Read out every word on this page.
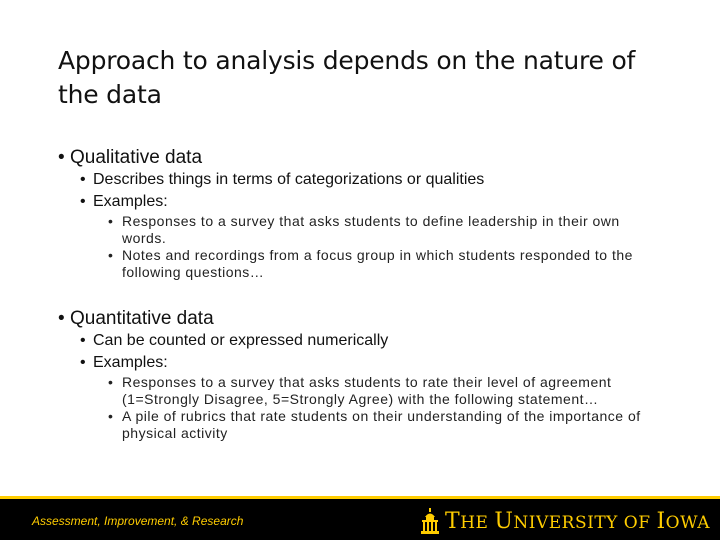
Approach to analysis depends on the nature of the data
• Qualitative data
• Describes things in terms of categorizations or qualities
• Examples:
• Responses to a survey that asks students to define leadership in their own words.
• Notes and recordings from a focus group in which students responded to the following questions…
• Quantitative data
• Can be counted or expressed numerically
• Examples:
• Responses to a survey that asks students to rate their level of agreement (1=Strongly Disagree, 5=Strongly Agree) with the following statement…
• A pile of rubrics that rate students on their understanding of the importance of physical activity
Assessment, Improvement, & Research	THE UNIVERSITY OF IOWA
